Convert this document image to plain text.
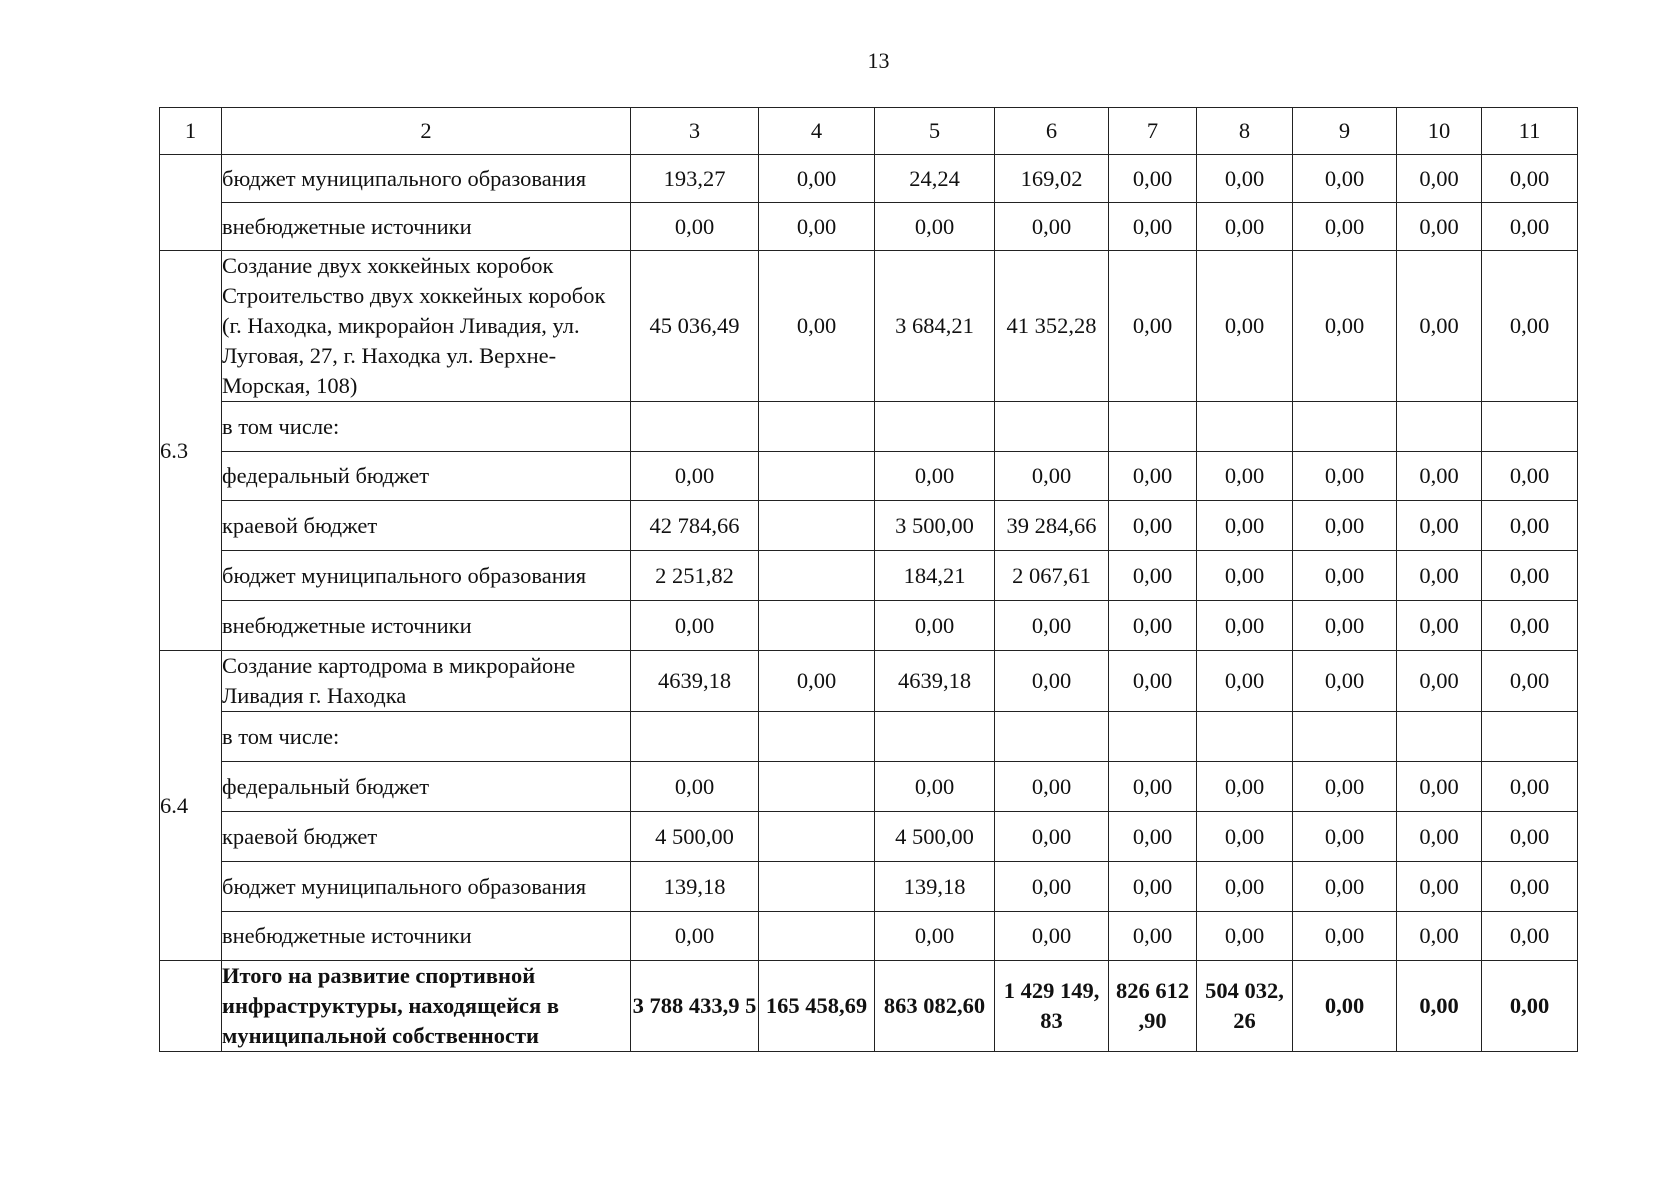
13
1	2	3	4	5	6	7	8	9	10	11
	бюджет муниципального образования	193,27	0,00	24,24	169,02	0,00	0,00	0,00	0,00	0,00
	внебюджетные источники	0,00	0,00	0,00	0,00	0,00	0,00	0,00	0,00	0,00
6.3	Создание двух хоккейных коробок Строительство двух хоккейных коробок (г. Находка, микрорайон Ливадия, ул. Луговая, 27, г. Находка ул. Верхне-Морская, 108)	45 036,49	0,00	3 684,21	41 352,28	0,00	0,00	0,00	0,00	0,00
	в том числе:									
	федеральный бюджет	0,00		0,00	0,00	0,00	0,00	0,00	0,00	0,00
	краевой бюджет	42 784,66		3 500,00	39 284,66	0,00	0,00	0,00	0,00	0,00
	бюджет муниципального образования	2 251,82		184,21	2 067,61	0,00	0,00	0,00	0,00	0,00
	внебюджетные источники	0,00		0,00	0,00	0,00	0,00	0,00	0,00	0,00
6.4	Создание картодрома в микрорайоне Ливадия г. Находка	4639,18	0,00	4639,18	0,00	0,00	0,00	0,00	0,00	0,00
	в том числе:									
	федеральный бюджет	0,00		0,00	0,00	0,00	0,00	0,00	0,00	0,00
	краевой бюджет	4 500,00		4 500,00	0,00	0,00	0,00	0,00	0,00	0,00
	бюджет муниципального образования	139,18		139,18	0,00	0,00	0,00	0,00	0,00	0,00
	внебюджетные источники	0,00		0,00	0,00	0,00	0,00	0,00	0,00	0,00
	Итого на развитие спортивной инфраструктуры, находящейся в муниципальной собственности	3 788 433,9 5	165 458,69	863 082,60	1 429 149, 83	826 612 ,90	504 032, 26	0,00	0,00	0,00
